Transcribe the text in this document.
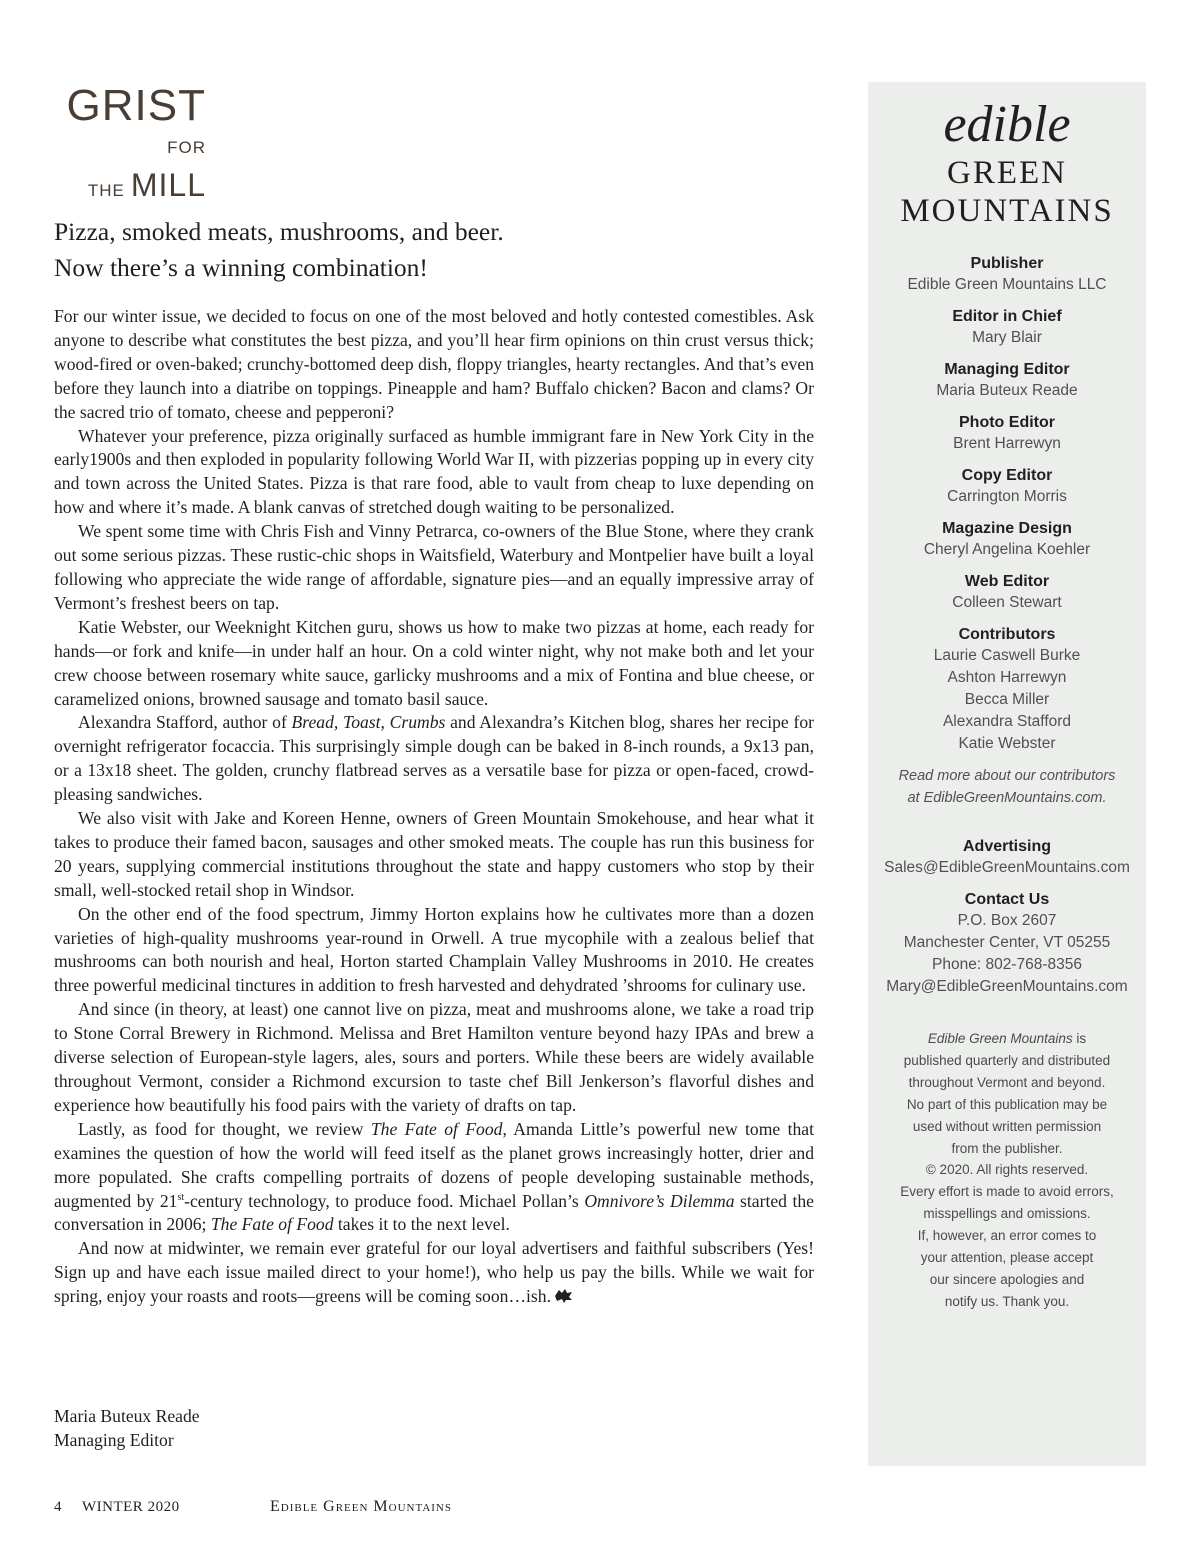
GRIST
FOR THE MILL
Pizza, smoked meats, mushrooms, and beer.
Now there’s a winning combination!

For our winter issue, we decided to focus on one of the most beloved and hotly contested comestibles. Ask anyone to describe what constitutes the best pizza, and you’ll hear firm opinions on thin crust versus thick; wood-fired or oven-baked; crunchy-bottomed deep dish, floppy triangles, hearty rectangles. And that’s even before they launch into a diatribe on toppings. Pineapple and ham? Buffalo chicken? Bacon and clams? Or the sacred trio of tomato, cheese and pepperoni?

Whatever your preference, pizza originally surfaced as humble immigrant fare in New York City in the early1900s and then exploded in popularity following World War II, with pizzerias popping up in every city and town across the United States. Pizza is that rare food, able to vault from cheap to luxe depending on how and where it’s made. A blank canvas of stretched dough waiting to be personalized.

We spent some time with Chris Fish and Vinny Petrarca, co-owners of the Blue Stone, where they crank out some serious pizzas. These rustic-chic shops in Waitsfield, Waterbury and Montpelier have built a loyal following who appreciate the wide range of affordable, signature pies—and an equally impressive array of Vermont’s freshest beers on tap.

Katie Webster, our Weeknight Kitchen guru, shows us how to make two pizzas at home, each ready for hands—or fork and knife—in under half an hour. On a cold winter night, why not make both and let your crew choose between rosemary white sauce, garlicky mushrooms and a mix of Fontina and blue cheese, or caramelized onions, browned sausage and tomato basil sauce.

Alexandra Stafford, author of Bread, Toast, Crumbs and Alexandra’s Kitchen blog, shares her recipe for overnight refrigerator focaccia. This surprisingly simple dough can be baked in 8-inch rounds, a 9x13 pan, or a 13x18 sheet. The golden, crunchy flatbread serves as a versatile base for pizza or open-faced, crowd-pleasing sandwiches.

We also visit with Jake and Koreen Henne, owners of Green Mountain Smokehouse, and hear what it takes to produce their famed bacon, sausages and other smoked meats. The couple has run this business for 20 years, supplying commercial institutions throughout the state and happy customers who stop by their small, well-stocked retail shop in Windsor.

On the other end of the food spectrum, Jimmy Horton explains how he cultivates more than a dozen varieties of high-quality mushrooms year-round in Orwell. A true mycophile with a zealous belief that mushrooms can both nourish and heal, Horton started Champlain Valley Mushrooms in 2010. He creates three powerful medicinal tinctures in addition to fresh harvested and dehydrated ’shrooms for culinary use.

And since (in theory, at least) one cannot live on pizza, meat and mushrooms alone, we take a road trip to Stone Corral Brewery in Richmond. Melissa and Bret Hamilton venture beyond hazy IPAs and brew a diverse selection of European-style lagers, ales, sours and porters. While these beers are widely available throughout Vermont, consider a Richmond excursion to taste chef Bill Jenkerson’s flavorful dishes and experience how beautifully his food pairs with the variety of drafts on tap.

Lastly, as food for thought, we review The Fate of Food, Amanda Little’s powerful new tome that examines the question of how the world will feed itself as the planet grows increasingly hotter, drier and more populated. She crafts compelling portraits of dozens of people developing sustainable methods, augmented by 21st-century technology, to produce food. Michael Pollan’s Omnivore’s Dilemma started the conversation in 2006; The Fate of Food takes it to the next level.

And now at midwinter, we remain ever grateful for our loyal advertisers and faithful subscribers (Yes! Sign up and have each issue mailed direct to your home!), who help us pay the bills. While we wait for spring, enjoy your roasts and roots—greens will be coming soon…ish.

Maria Buteux Reade
Managing Editor
4 WINTER 2020	Edible Green Mountains
edible
GREEN
MOUNTAINS
Publisher
Edible Green Mountains LLC
Editor in Chief
Mary Blair
Managing Editor
Maria Buteux Reade
Photo Editor
Brent Harrewyn
Copy Editor
Carrington Morris
Magazine Design
Cheryl Angelina Koehler
Web Editor
Colleen Stewart
Contributors
Laurie Caswell Burke
Ashton Harrewyn
Becca Miller
Alexandra Stafford
Katie Webster
Read more about our contributors
at EdibleGreenMountains.com.
Advertising
Sales@EdibleGreenMountains.com
Contact Us
P.O. Box 2607
Manchester Center, VT 05255
Phone: 802-768-8356
Mary@EdibleGreenMountains.com
Edible Green Mountains is
published quarterly and distributed
throughout Vermont and beyond.
No part of this publication may be
used without written permission
from the publisher.
© 2020. All rights reserved.
Every effort is made to avoid errors,
misspellings and omissions.
If, however, an error comes to
your attention, please accept
our sincere apologies and
notify us. Thank you.
